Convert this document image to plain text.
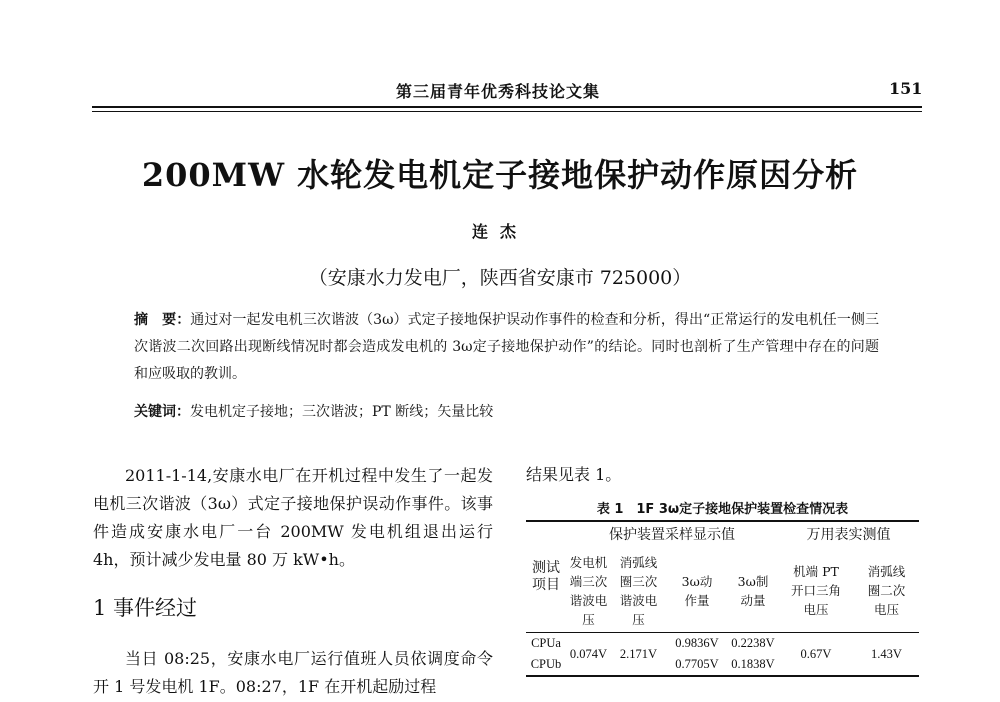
第三届青年优秀科技论文集	151
200MW 水轮发电机定子接地保护动作原因分析
连杰
（安康水力发电厂，陕西省安康市 725000）
摘　要：通过对一起发电机三次谐波（3ω）式定子接地保护误动作事件的检查和分析，得出“正常运行的发电机任一侧三次谐波二次回路出现断线情况时都会造成发电机的 3ω定子接地保护动作”的结论。同时也剖析了生产管理中存在的问题和应吸取的教训。
关键词：发电机定子接地；三次谐波；PT 断线；矢量比较

2011-1-14,安康水电厂在开机过程中发生了一起发电机三次谐波（3ω）式定子接地保护误动作事件。该事件造成安康水电厂一台 200MW 发电机组退出运行 4h，预计减少发电量 80 万 kW•h。

1 事件经过

当日 08:25，安康水电厂运行值班人员依调度命令开 1 号发电机 1F。08:27，1F 在开机起励过程

结果见表 1。
表 1　1F 3ω定子接地保护装置检查情况表
测试项目	保护装置采样显示值				万用表实测值	

	发电机端三次谐波电压	消弧线圈三次谐波电压	3ω动作量	3ω制动量	机端 PT 开口三角电压	消弧线圈二次电压

CPUa	0.074V	2.171V	0.9836V	0.2238V	0.67V	1.43V
CPUb			0.7705V	0.1838V		
